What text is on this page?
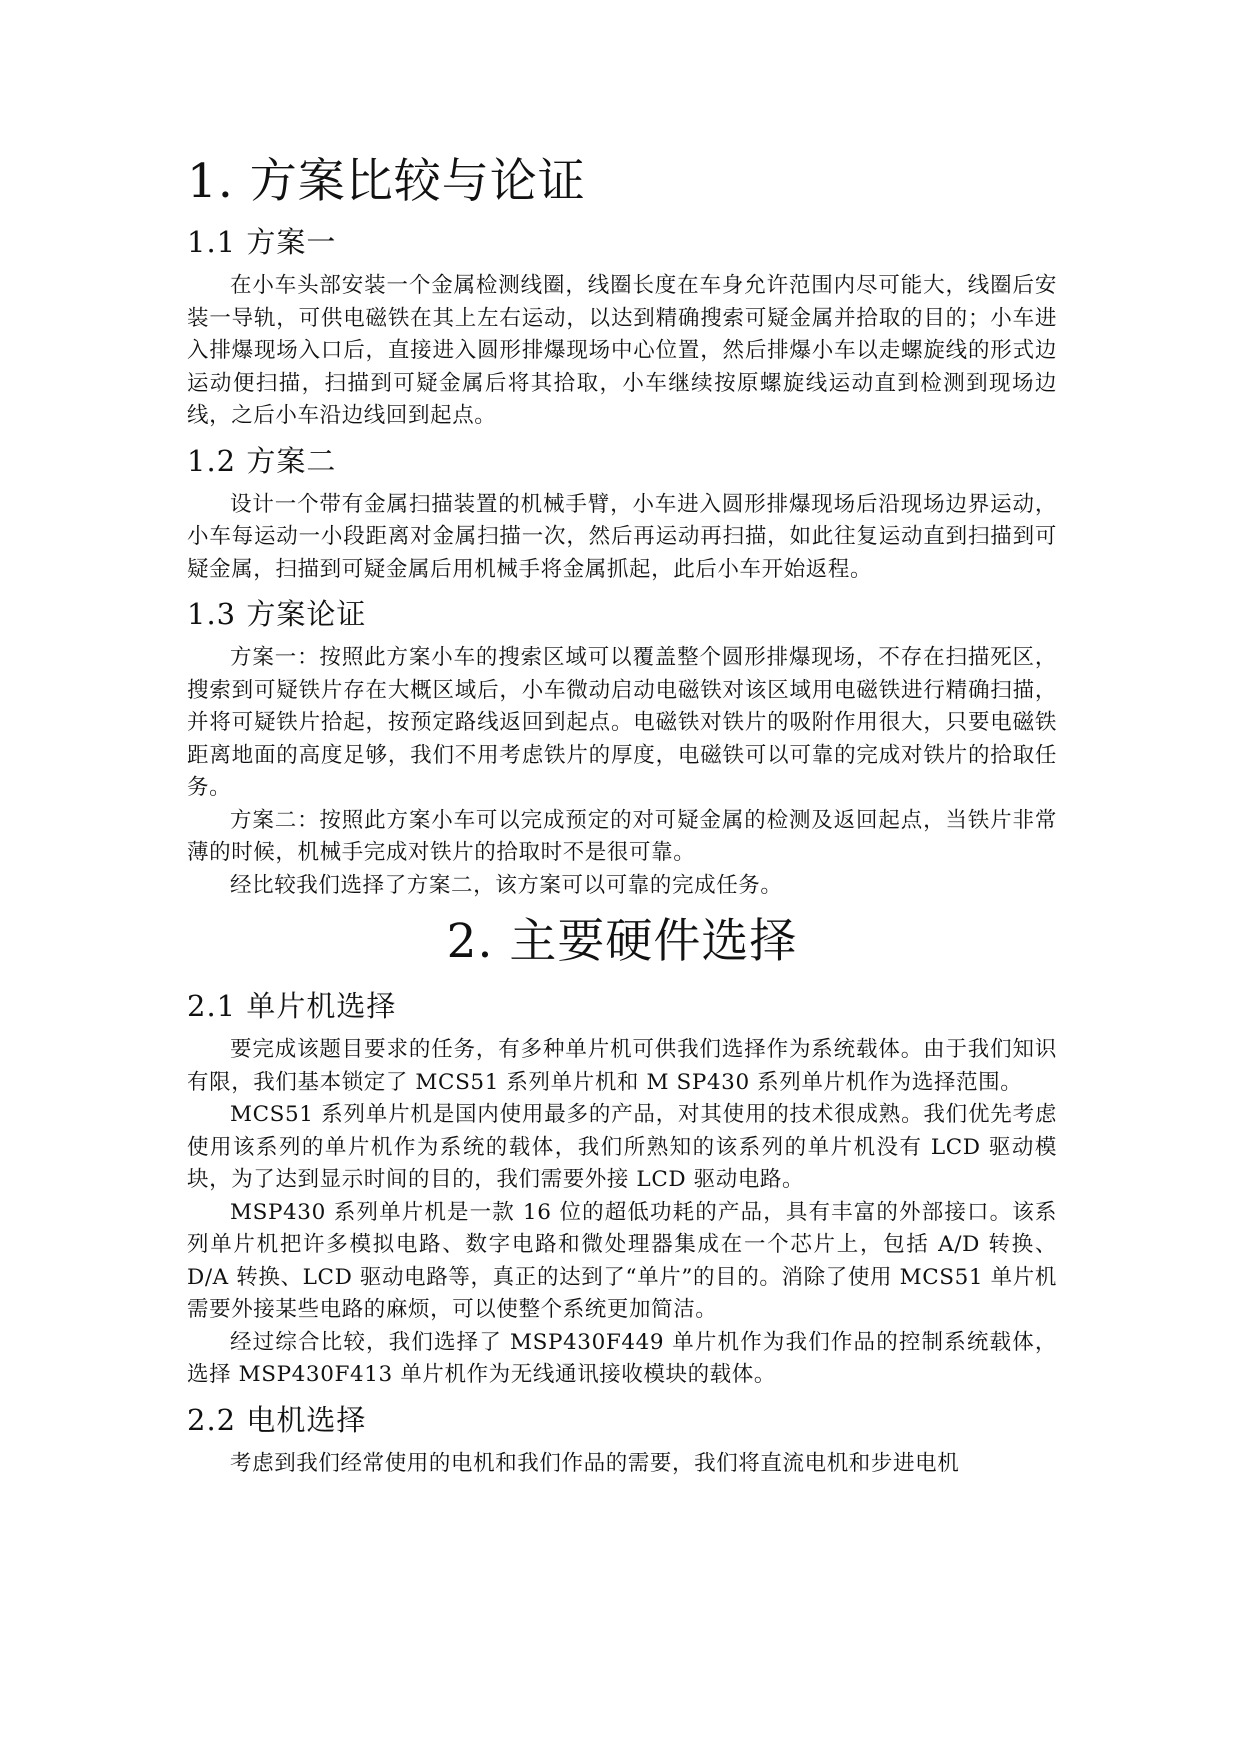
1. 方案比较与论证
1.1 方案一

在小车头部安装一个金属检测线圈，线圈长度在车身允许范围内尽可能大，线圈后安装一导轨，可供电磁铁在其上左右运动，以达到精确搜索可疑金属并拾取的目的；小车进入排爆现场入口后，直接进入圆形排爆现场中心位置，然后排爆小车以走螺旋线的形式边运动便扫描，扫描到可疑金属后将其拾取，小车继续按原螺旋线运动直到检测到现场边线，之后小车沿边线回到起点。

1.2 方案二

设计一个带有金属扫描装置的机械手臂，小车进入圆形排爆现场后沿现场边界运动，小车每运动一小段距离对金属扫描一次，然后再运动再扫描，如此往复运动直到扫描到可疑金属，扫描到可疑金属后用机械手将金属抓起，此后小车开始返程。

1.3 方案论证

方案一：按照此方案小车的搜索区域可以覆盖整个圆形排爆现场，不存在扫描死区，搜索到可疑铁片存在大概区域后，小车微动启动电磁铁对该区域用电磁铁进行精确扫描，并将可疑铁片拾起，按预定路线返回到起点。电磁铁对铁片的吸附作用很大，只要电磁铁距离地面的高度足够，我们不用考虑铁片的厚度，电磁铁可以可靠的完成对铁片的拾取任务。

方案二：按照此方案小车可以完成预定的对可疑金属的检测及返回起点，当铁片非常薄的时候，机械手完成对铁片的拾取时不是很可靠。

经比较我们选择了方案二，该方案可以可靠的完成任务。

2. 主要硬件选择
2.1 单片机选择

要完成该题目要求的任务，有多种单片机可供我们选择作为系统载体。由于我们知识有限，我们基本锁定了 MCS51 系列单片机和 M SP430 系列单片机作为选择范围。

MCS51 系列单片机是国内使用最多的产品，对其使用的技术很成熟。我们优先考虑使用该系列的单片机作为系统的载体，我们所熟知的该系列的单片机没有 LCD 驱动模块，为了达到显示时间的目的，我们需要外接 LCD 驱动电路。

MSP430 系列单片机是一款 16 位的超低功耗的产品，具有丰富的外部接口。该系列单片机把许多模拟电路、数字电路和微处理器集成在一个芯片上，包括 A/D 转换、D/A 转换、LCD 驱动电路等，真正的达到了“单片”的目的。消除了使用 MCS51 单片机需要外接某些电路的麻烦，可以使整个系统更加简洁。

经过综合比较，我们选择了 MSP430F449 单片机作为我们作品的控制系统载体，选择 MSP430F413 单片机作为无线通讯接收模块的载体。

2.2 电机选择

考虑到我们经常使用的电机和我们作品的需要，我们将直流电机和步进电机
